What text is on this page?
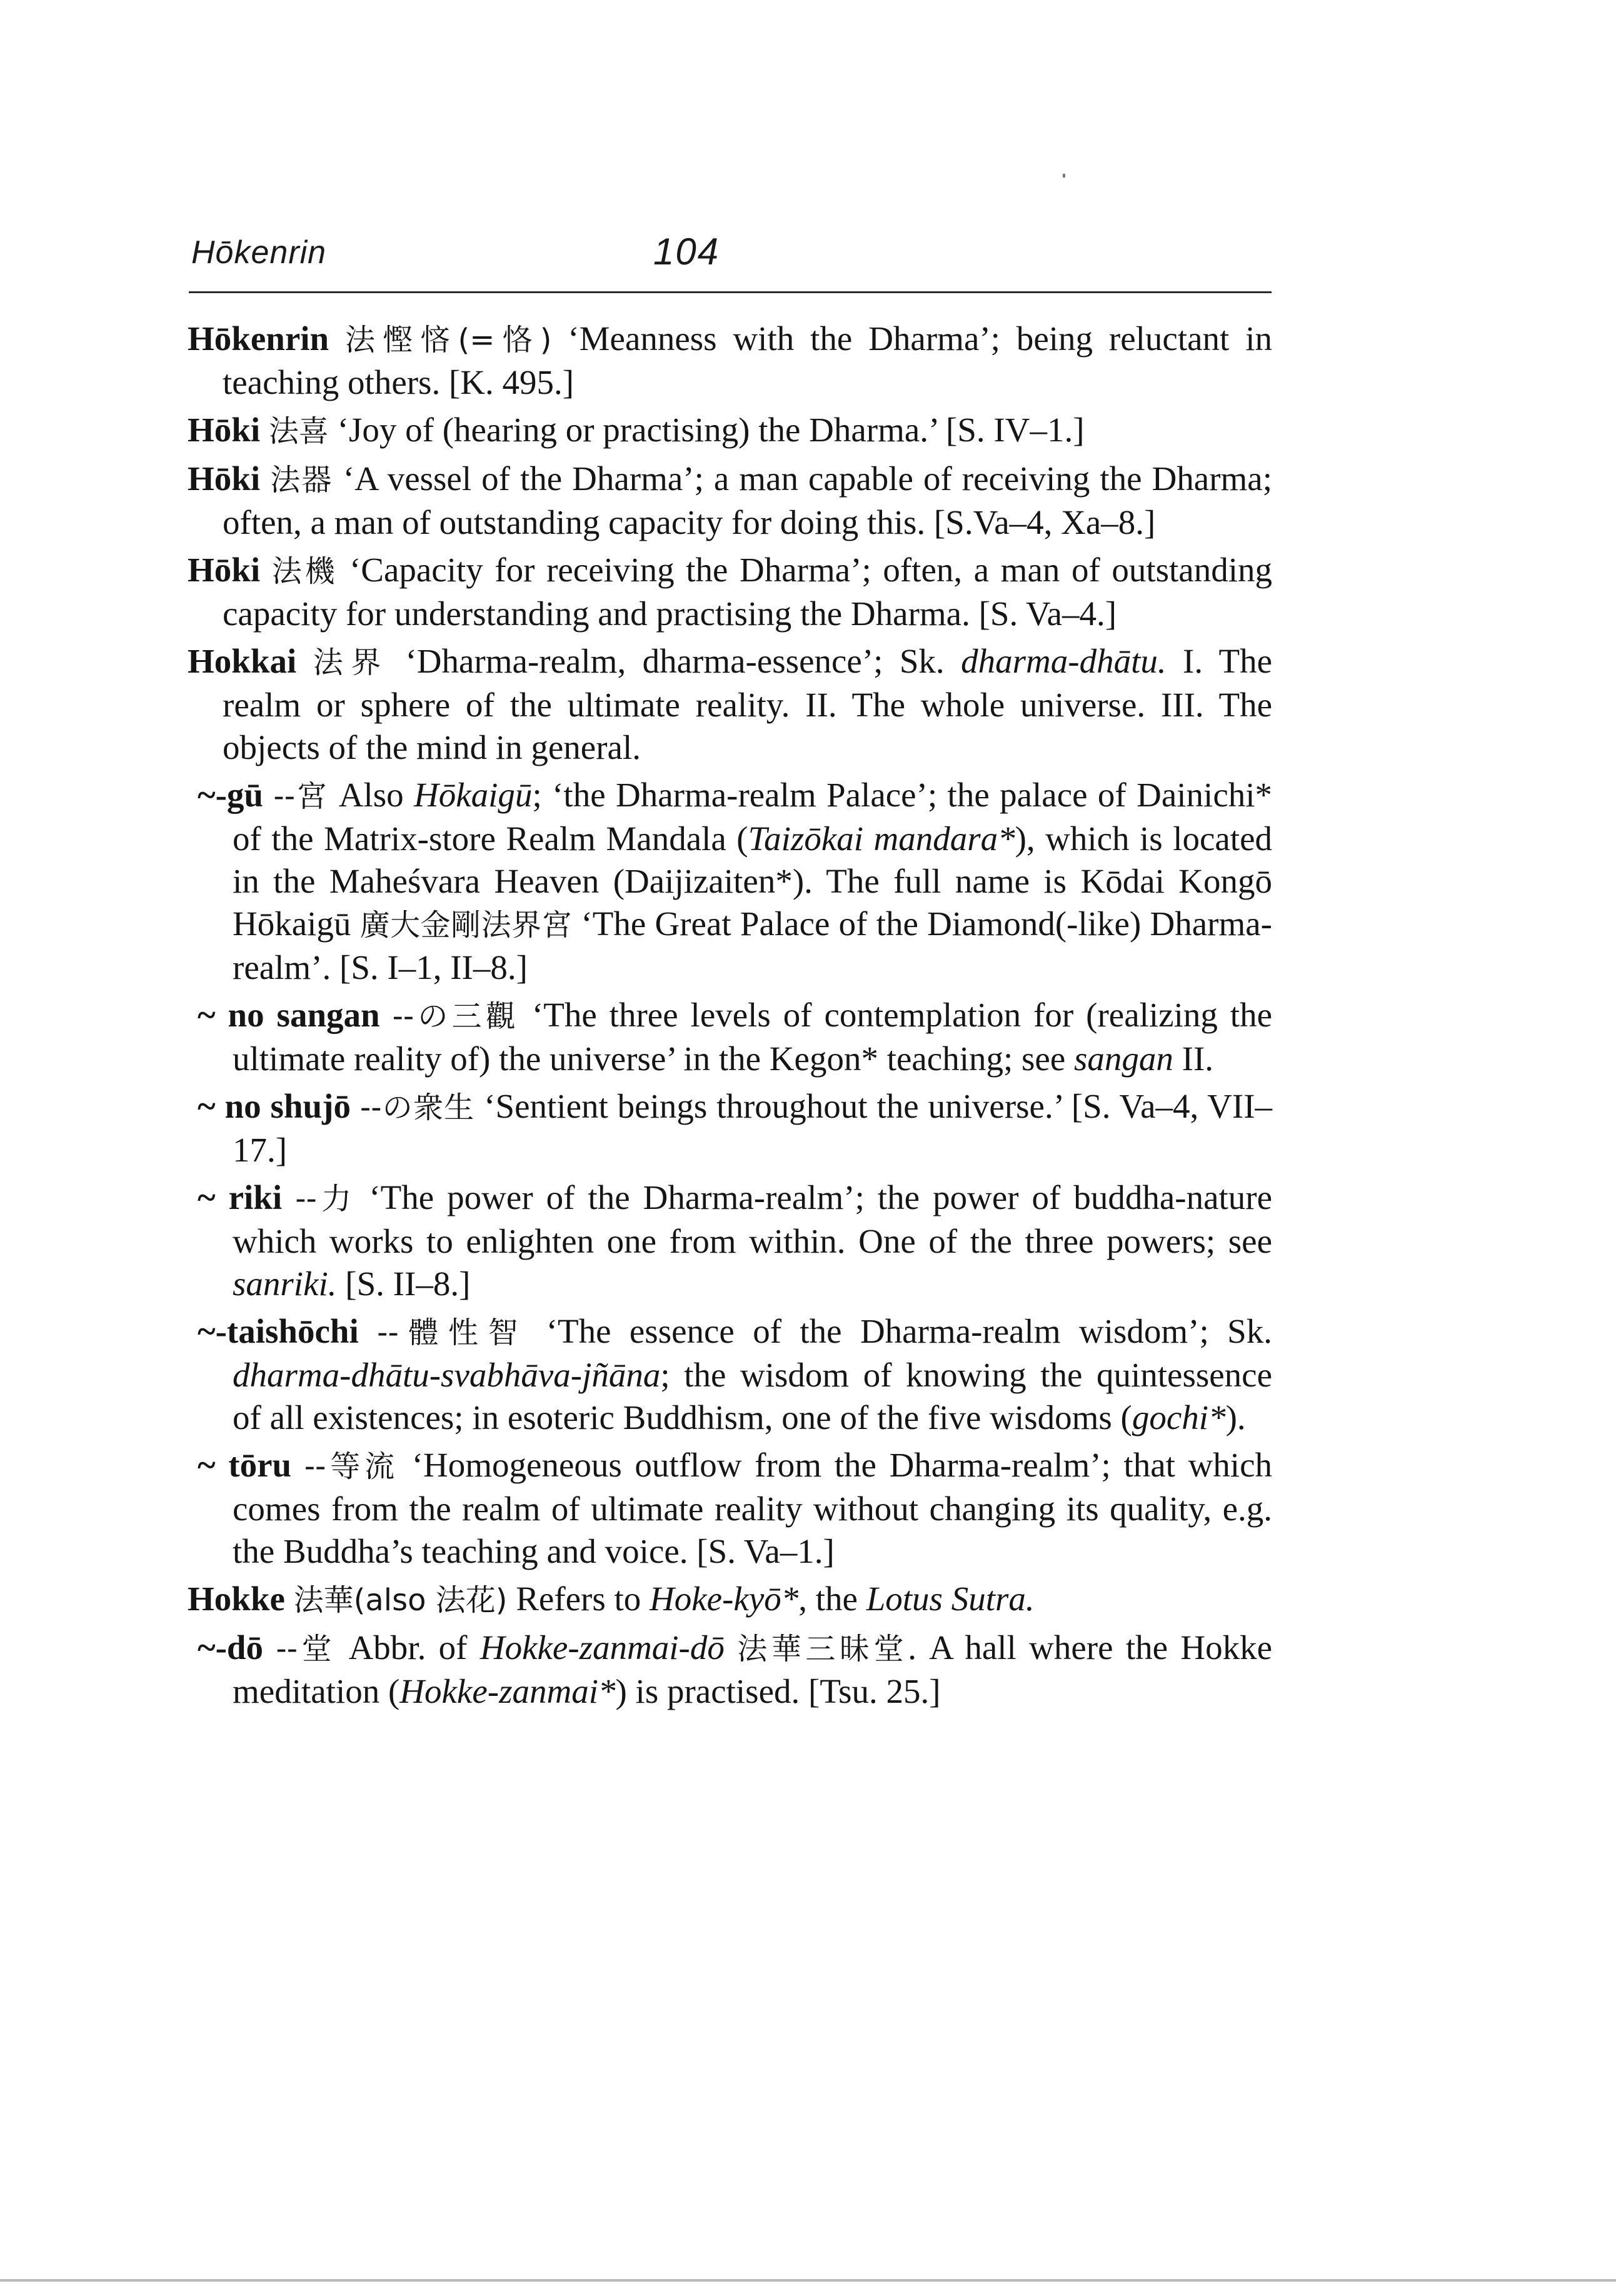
Hōkenrin	104

Hōkenrin 法慳悋(=恪) ‘Meanness with the Dharma’; being reluctant in teaching others. [K. 495.]

Hōki 法喜 ‘Joy of (hearing or practising) the Dharma.’ [S. IV–1.]

Hōki 法器 ‘A vessel of the Dharma’; a man capable of receiving the Dharma; often, a man of outstanding capacity for doing this. [S.Va–4, Xa–8.]

Hōki 法機 ‘Capacity for receiving the Dharma’; often, a man of outstanding capacity for understanding and practising the Dharma. [S. Va–4.]

Hokkai 法界 ‘Dharma-realm, dharma-essence’; Sk. dharma-dhātu. I. The realm or sphere of the ultimate reality. II. The whole universe. III. The objects of the mind in general.

~-gū --宮 Also Hōkaigū; ‘the Dharma-realm Palace’; the palace of Dainichi* of the Matrix-store Realm Mandala (Taizōkai mandara*), which is located in the Maheśvara Heaven (Daijizaiten*). The full name is Kōdai Kongō Hōkaigū 廣大金剛法界宮 ‘The Great Palace of the Diamond(-like) Dharma-realm’. [S. I–1, II–8.]

~ no sangan --の三觀 ‘The three levels of contemplation for (realizing the ultimate reality of) the universe’ in the Kegon* teaching; see sangan II.

~ no shujō --の衆生 ‘Sentient beings throughout the universe.’ [S. Va–4, VII–17.]

~ riki --力 ‘The power of the Dharma-realm’; the power of buddha-nature which works to enlighten one from within. One of the three powers; see sanriki. [S. II–8.]

~-taishōchi --體性智 ‘The essence of the Dharma-realm wisdom’; Sk. dharma-dhātu-svabhāva-jñāna; the wisdom of knowing the quintessence of all existences; in esoteric Buddhism, one of the five wisdoms (gochi*).

~ tōru --等流 ‘Homogeneous outflow from the Dharma-realm’; that which comes from the realm of ultimate reality without changing its quality, e.g. the Buddha’s teaching and voice. [S. Va–1.]

Hokke 法華(also 法花) Refers to Hoke-kyō*, the Lotus Sutra.

~-dō --堂 Abbr. of Hokke-zanmai-dō 法華三昧堂. A hall where the Hokke meditation (Hokke-zanmai*) is practised. [Tsu. 25.]
